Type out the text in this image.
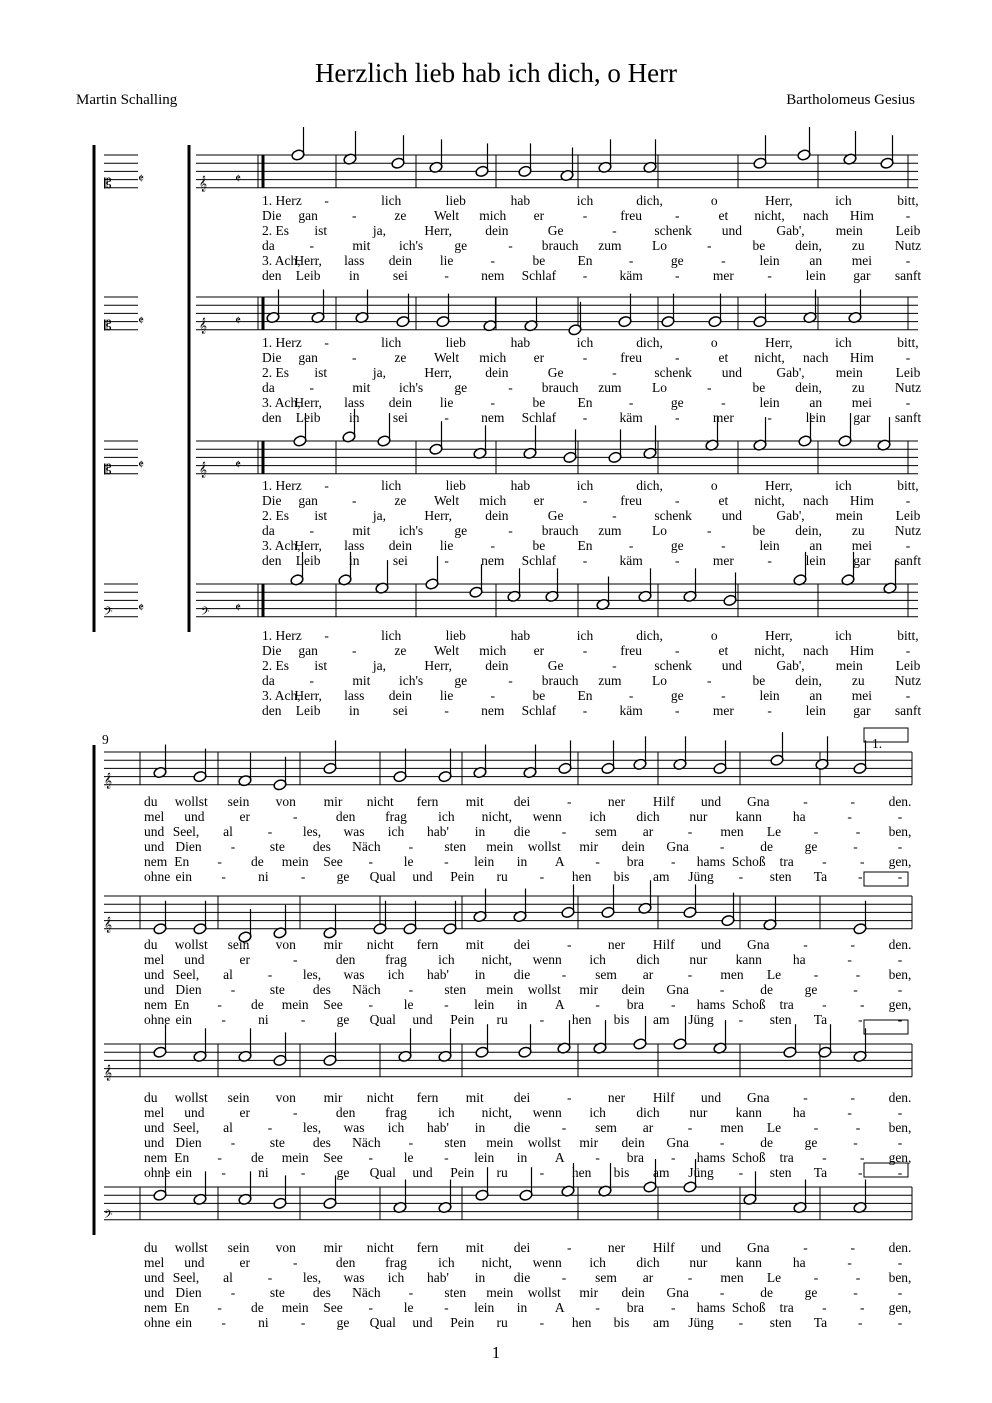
Herzlich lieb hab ich dich, o Herr
Martin Schalling	Bartholomeus Gesius
𝄞
𝄡 𝄵	𝄵
𝄞
𝄡 𝄵	𝄵
𝄞
𝄡 𝄵	𝄵
𝄢
𝄢 𝄵	𝄵
𝄞
𝄞
𝄞
𝄢
1. Herz -	lich	lieb	hab	ich	dich,	o	Herr,	ich	bitt,
Die gan	-	ze Welt mich er	- freu -	et nicht, nach Him -
2. Es ist	ja,	Herr, dein	Ge	-	schenk und	Gab', mein Leib
da	-	mit ich's ge	- brauch zum Lo	-	be dein, zu Nutz
3. Ach,
Herr, lass dein lie	-	be En	-	ge	-	lein an mei	-
den Leib in sei	- nem Schlaf - käm - mer -	lein gar sanft
1. Herz -	lich	lieb	hab	ich	dich,	o	Herr,	ich	bitt,
Die gan	-	ze Welt mich er	- freu -	et nicht, nach Him -
2. Es ist	ja,	Herr, dein	Ge	-	schenk und	Gab', mein Leib
da	-	mit ich's ge	- brauch zum Lo	-	be dein, zu Nutz
3. Ach,
Herr, lass dein lie	-	be En	-	ge	-	lein an mei	-
den Leib in sei	- nem Schlaf - käm - mer -	lein gar sanft
1. Herz -	lich	lieb	hab	ich	dich,	o	Herr,	ich	bitt,
Die gan	-	ze Welt mich er	- freu -	et nicht, nach Him -
2. Es ist	ja,	Herr, dein	Ge	-	schenk und	Gab', mein Leib
da	-	mit ich's ge	- brauch zum Lo	-	be dein, zu Nutz
3. Ach,
Herr, lass dein lie	-	be En	-	ge	-	lein an mei	-
den Leib in sei	- nem Schlaf - käm - mer -	lein gar sanft
1. Herz -	lich	lieb	hab	ich	dich,	o	Herr,	ich	bitt,
Die gan	-	ze Welt mich er	- freu -	et nicht, nach Him -
2. Es ist	ja,	Herr, dein	Ge	-	schenk und	Gab', mein Leib
da	-	mit ich's ge	- brauch zum Lo	-	be dein, zu Nutz
3. Ach,
Herr, lass dein lie	-	be En	-	ge	-	lein an mei	-
den Leib in sei	- nem Schlaf - käm - mer -	lein gar sanft
du wollst sein von mir nicht fern mit dei	-	ner Hilf und Gna	-	- den.
mel und	er	-	den frag ich nicht, wenn ich dich nur kann ha	-	-
und Seel, al	- les, was ich hab' in die - sem ar	- men Le -	- ben,
und Dien -	ste des Näch - sten mein wollst mir dein Gna -	de ge	-	-
nem En - de mein See - le - lein in A - bra - hams Schoß tra - - gen,
ohne ein - ni - ge Qual und Pein ru - hen bis am Jüng - sten Ta -	-
du wollst sein von mir nicht fern mit dei	-	ner Hilf und Gna	-	- den.
mel und	er	-	den frag ich nicht, wenn ich dich nur kann ha	-	-
und Seel, al	- les, was ich hab' in die - sem ar	- men Le -	- ben,
und Dien -	ste des Näch - sten mein wollst mir dein Gna -	de ge	-	-
nem En - de mein See - le - lein in A - bra - hams Schoß tra - - gen,
ohne ein - ni - ge Qual und Pein ru - hen bis am Jüng - sten Ta -	-
du wollst sein von mir nicht fern mit dei	-	ner Hilf und Gna	-	- den.
mel und	er	-	den frag ich nicht, wenn ich dich nur kann ha	-	-
und Seel, al	- les, was ich hab' in die - sem ar	- men Le -	- ben,
und Dien -	ste des Näch - sten mein wollst mir dein Gna -	de ge	-	-
nem En - de mein See - le - lein in A - bra - hams Schoß tra - - gen,
ohne ein - ni - ge Qual und Pein ru - hen bis am Jüng - sten Ta -	-
du wollst sein von mir nicht fern mit dei	-	ner Hilf und Gna	-	- den.
mel und	er	-	den frag ich nicht, wenn ich dich nur kann ha	-	-
und Seel, al	- les, was ich hab' in die - sem ar	- men Le -	- ben,
und Dien -	ste des Näch - sten mein wollst mir dein Gna -	de ge	-	-
nem En - de mein See - le - lein in A - bra - hams Schoß tra - - gen,
ohne ein - ni - ge Qual und Pein ru - hen bis am Jüng - sten Ta -	-
9	1.
1
